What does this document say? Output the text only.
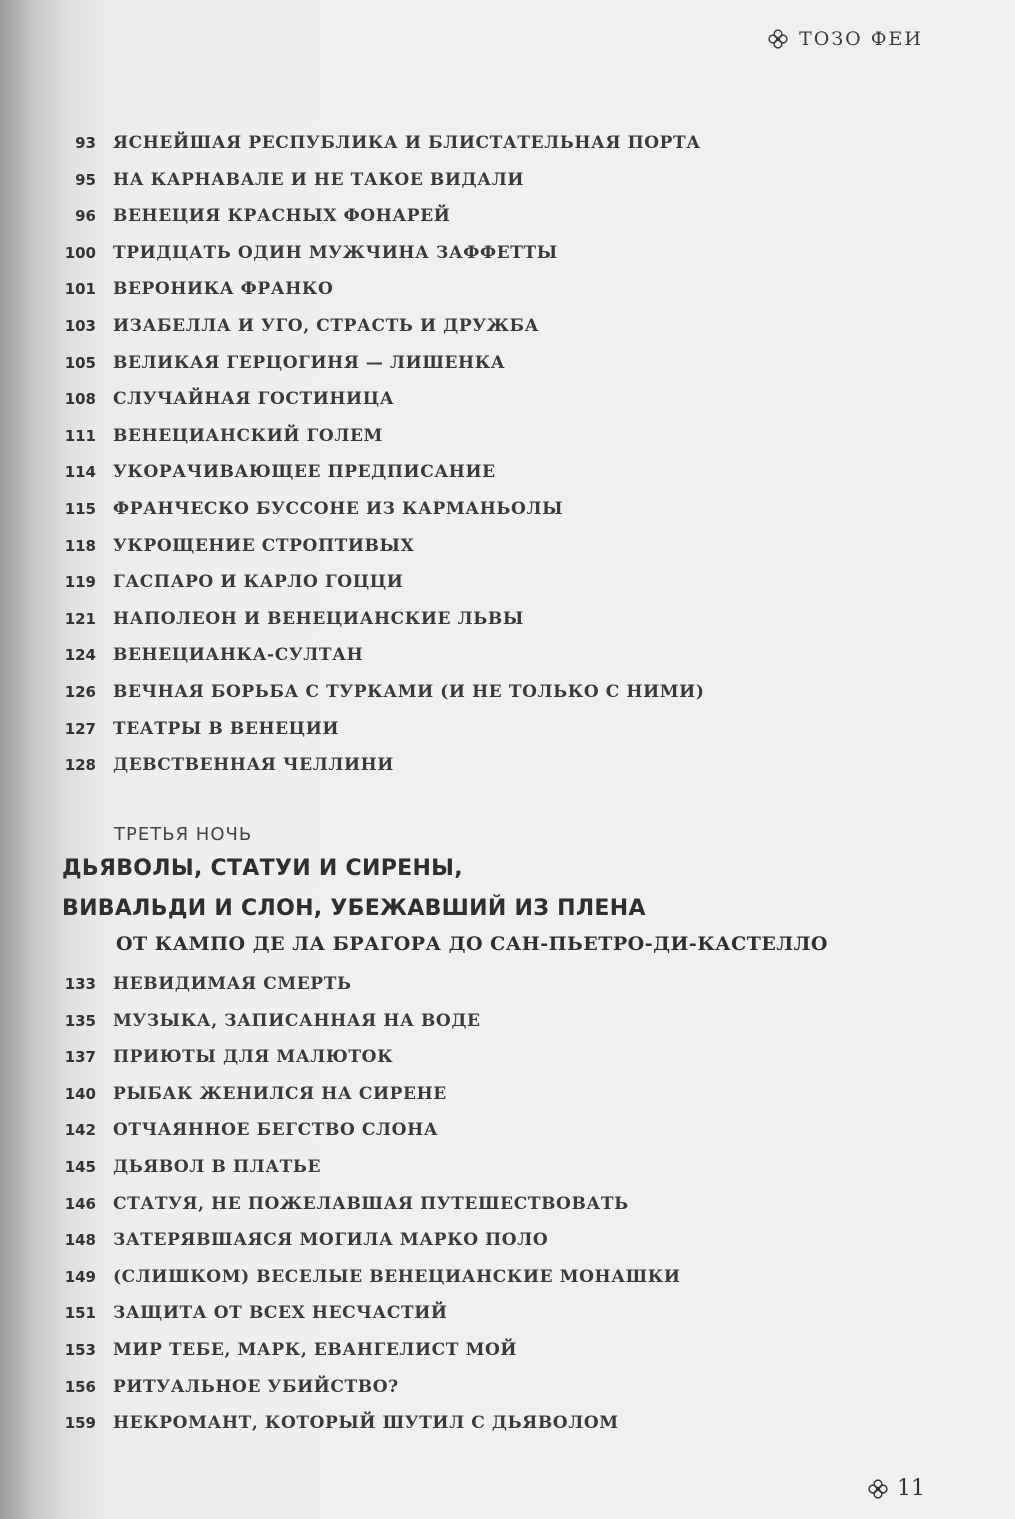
ТОЗО ФЕИ
93 ЯСНЕЙШАЯ РЕСПУБЛИКА И БЛИСТАТЕЛЬНАЯ ПОРТА
95 НА КАРНАВАЛЕ И НЕ ТАКОЕ ВИДАЛИ
96 ВЕНЕЦИЯ КРАСНЫХ ФОНАРЕЙ
100 ТРИДЦАТЬ ОДИН МУЖЧИНА ЗАФФЕТТЫ
101 ВЕРОНИКА ФРАНКО
103 ИЗАБЕЛЛА И УГО, СТРАСТЬ И ДРУЖБА
105 ВЕЛИКАЯ ГЕРЦОГИНЯ — ЛИШЕНКА
108 СЛУЧАЙНАЯ ГОСТИНИЦА
111 ВЕНЕЦИАНСКИЙ ГОЛЕМ
114 УКОРАЧИВАЮЩЕЕ ПРЕДПИСАНИЕ
115 ФРАНЧЕСКО БУССОНЕ ИЗ КАРМАНЬОЛЫ
118 УКРОЩЕНИЕ СТРОПТИВЫХ
119 ГАСПАРО И КАРЛО ГОЦЦИ
121 НАПОЛЕОН И ВЕНЕЦИАНСКИЕ ЛЬВЫ
124 ВЕНЕЦИАНКА-СУЛТАН
126 ВЕЧНАЯ БОРЬБА С ТУРКАМИ (И НЕ ТОЛЬКО С НИМИ)
127 ТЕАТРЫ В ВЕНЕЦИИ
128 ДЕВСТВЕННАЯ ЧЕЛЛИНИ
ТРЕТЬЯ НОЧЬ
ДЬЯВОЛЫ, СТАТУИ И СИРЕНЫ,
ВИВАЛЬДИ И СЛОН, УБЕЖАВШИЙ ИЗ ПЛЕНА
ОТ КАМПО ДЕ ЛА БРАГОРА ДО САН-ПЬЕТРО-ДИ-КАСТЕЛЛО
133 НЕВИДИМАЯ СМЕРТЬ
135 МУЗЫКА, ЗАПИСАННАЯ НА ВОДЕ
137 ПРИЮТЫ ДЛЯ МАЛЮТОК
140 РЫБАК ЖЕНИЛСЯ НА СИРЕНЕ
142 ОТЧАЯННОЕ БЕГСТВО СЛОНА
145 ДЬЯВОЛ В ПЛАТЬЕ
146 СТАТУЯ, НЕ ПОЖЕЛАВШАЯ ПУТЕШЕСТВОВАТЬ
148 ЗАТЕРЯВШАЯСЯ МОГИЛА МАРКО ПОЛО
149 (СЛИШКОМ) ВЕСЕЛЫЕ ВЕНЕЦИАНСКИЕ МОНАШКИ
151 ЗАЩИТА ОТ ВСЕХ НЕСЧАСТИЙ
153 МИР ТЕБЕ, МАРК, ЕВАНГЕЛИСТ МОЙ
156 РИТУАЛЬНОЕ УБИЙСТВО?
159 НЕКРОМАНТ, КОТОРЫЙ ШУТИЛ С ДЬЯВОЛОМ
11
